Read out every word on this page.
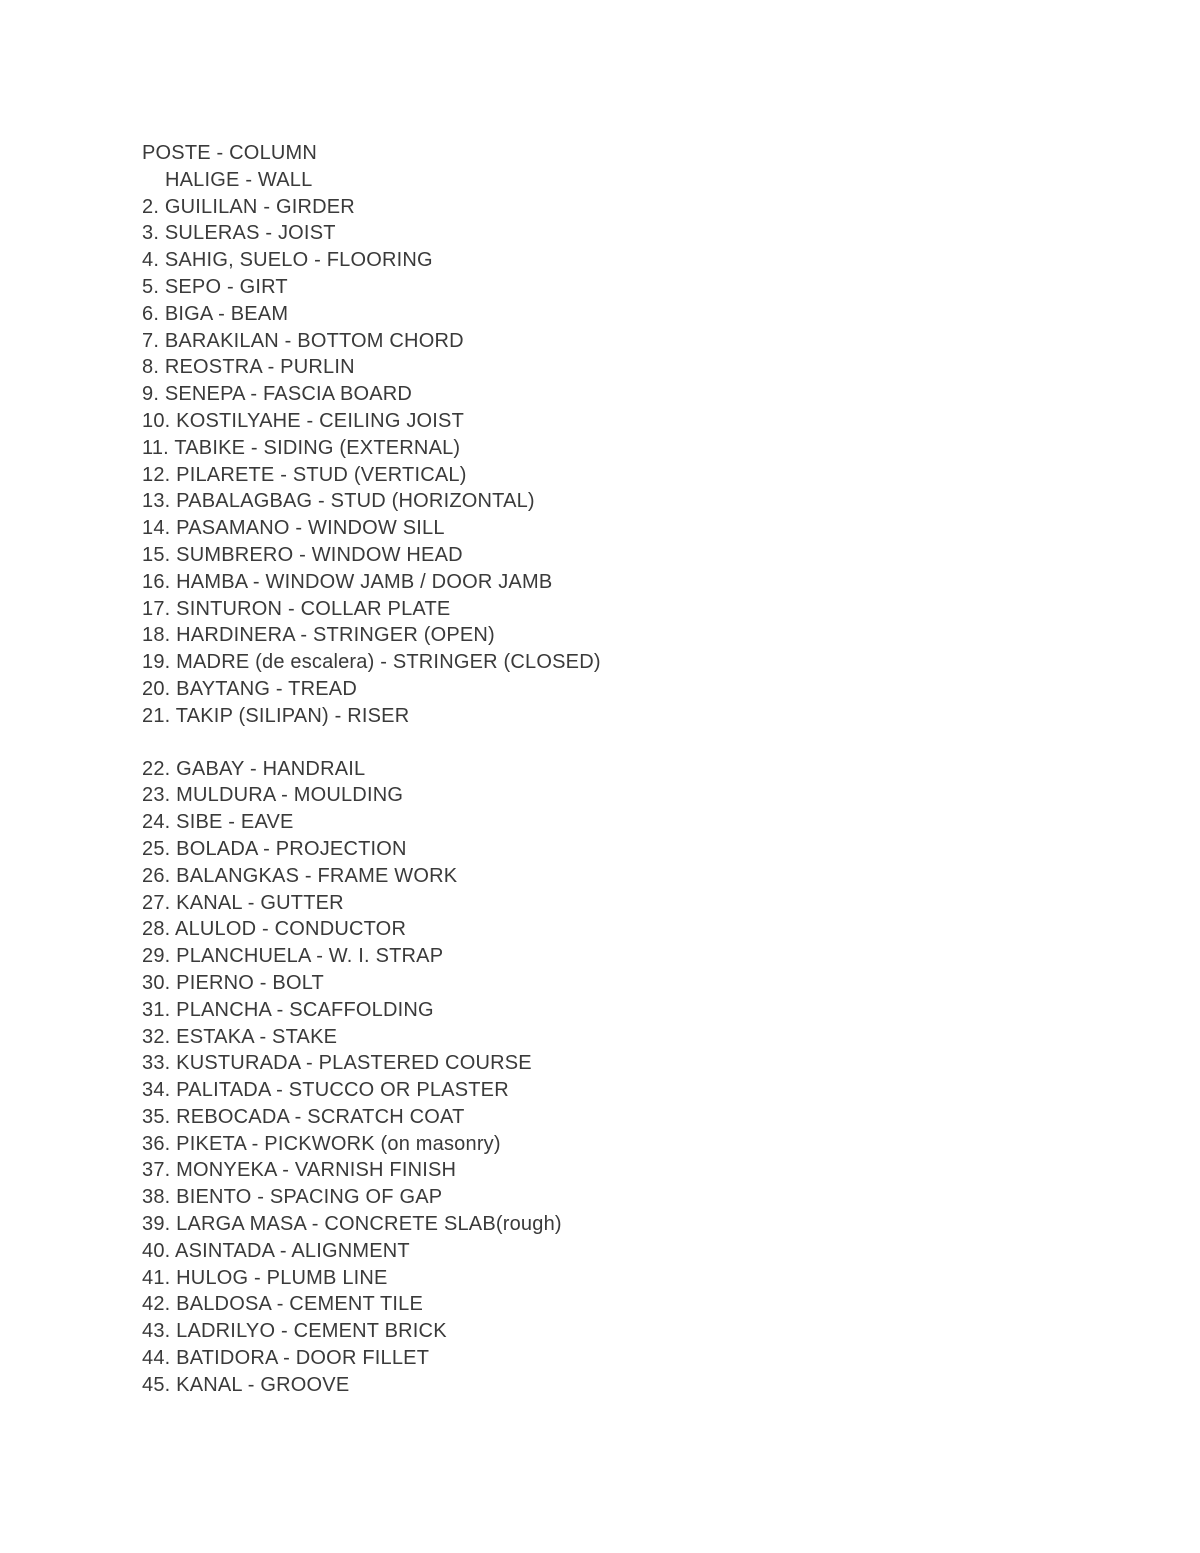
POSTE - COLUMN
HALIGE - WALL
2. GUILILAN - GIRDER
3. SULERAS - JOIST
4. SAHIG, SUELO - FLOORING
5. SEPO - GIRT
6. BIGA - BEAM
7. BARAKILAN - BOTTOM CHORD
8. REOSTRA - PURLIN
9. SENEPA - FASCIA BOARD
10. KOSTILYAHE - CEILING JOIST
11. TABIKE - SIDING (EXTERNAL)
12. PILARETE - STUD (VERTICAL)
13. PABALAGBAG - STUD (HORIZONTAL)
14. PASAMANO - WINDOW SILL
15. SUMBRERO - WINDOW HEAD
16. HAMBA - WINDOW JAMB / DOOR JAMB
17. SINTURON - COLLAR PLATE
18. HARDINERA - STRINGER (OPEN)
19. MADRE (de escalera) - STRINGER (CLOSED)
20. BAYTANG - TREAD
21. TAKIP (SILIPAN) - RISER
22. GABAY - HANDRAIL
23. MULDURA - MOULDING
24. SIBE - EAVE
25. BOLADA - PROJECTION
26. BALANGKAS - FRAME WORK
27. KANAL - GUTTER
28. ALULOD - CONDUCTOR
29. PLANCHUELA - W. I. STRAP
30. PIERNO - BOLT
31. PLANCHA - SCAFFOLDING
32. ESTAKA - STAKE
33. KUSTURADA - PLASTERED COURSE
34. PALITADA - STUCCO OR PLASTER
35. REBOCADA - SCRATCH COAT
36. PIKETA - PICKWORK (on masonry)
37. MONYEKA - VARNISH FINISH
38. BIENTO - SPACING OF GAP
39. LARGA MASA - CONCRETE SLAB(rough)
40. ASINTADA - ALIGNMENT
41. HULOG - PLUMB LINE
42. BALDOSA - CEMENT TILE
43. LADRILYO - CEMENT BRICK
44. BATIDORA - DOOR FILLET
45. KANAL - GROOVE
